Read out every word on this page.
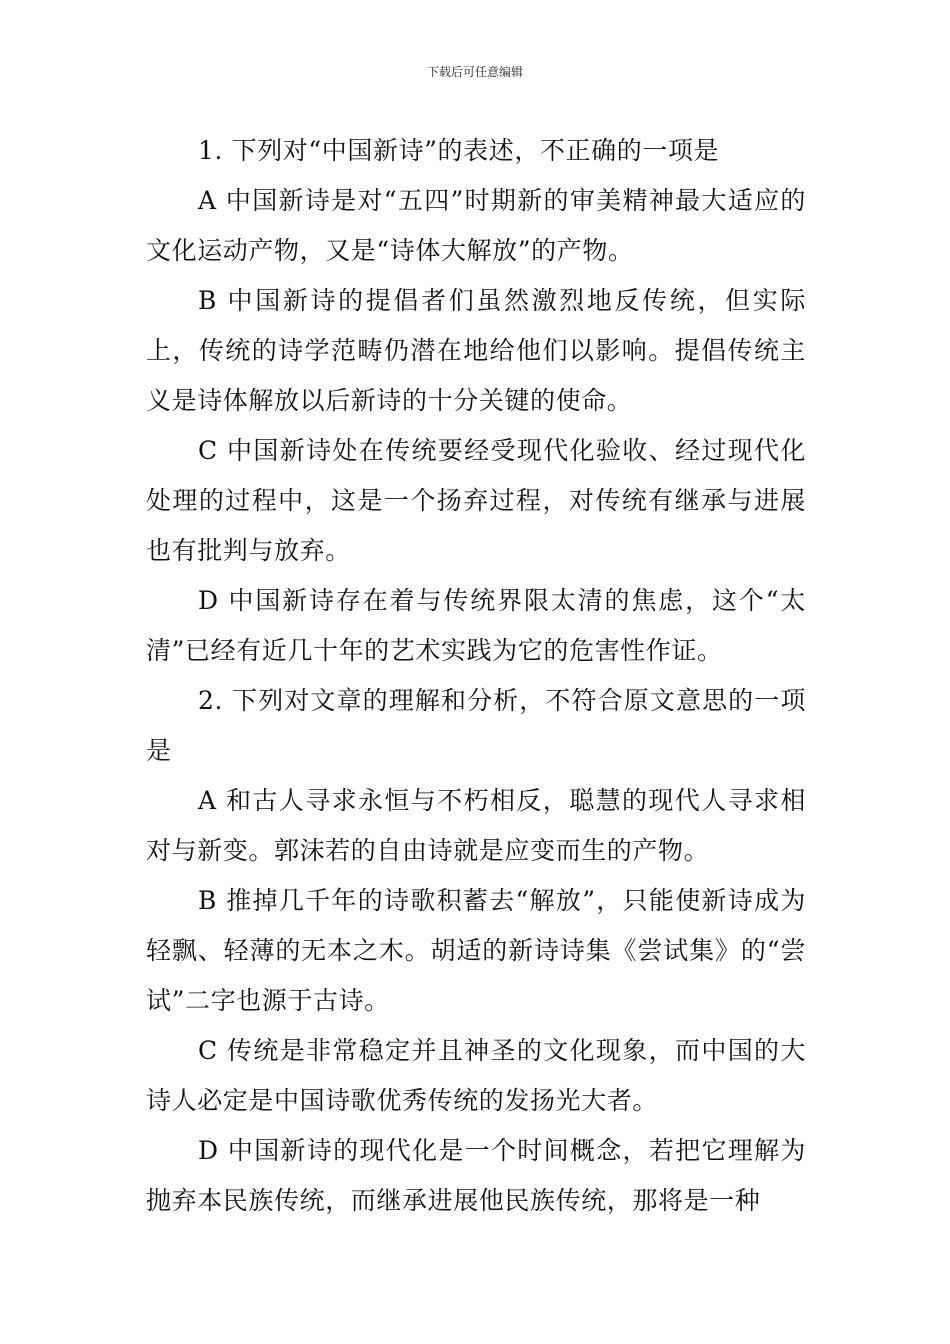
下载后可任意编辑

1. 下列对“中国新诗”的表述，不正确的一项是

A 中国新诗是对“五四”时期新的审美精神最大适应的文化运动产物，又是“诗体大解放”的产物。

B 中国新诗的提倡者们虽然激烈地反传统，但实际上，传统的诗学范畴仍潜在地给他们以影响。提倡传统主义是诗体解放以后新诗的十分关键的使命。

C 中国新诗处在传统要经受现代化验收、经过现代化处理的过程中，这是一个扬弃过程，对传统有继承与进展也有批判与放弃。

D 中国新诗存在着与传统界限太清的焦虑，这个“太清”已经有近几十年的艺术实践为它的危害性作证。

2. 下列对文章的理解和分析，不符合原文意思的一项是

A 和古人寻求永恒与不朽相反，聪慧的现代人寻求相对与新变。郭沫若的自由诗就是应变而生的产物。

B 推掉几千年的诗歌积蓄去“解放”，只能使新诗成为轻飘、轻薄的无本之木。胡适的新诗诗集《尝试集》的“尝试”二字也源于古诗。

C 传统是非常稳定并且神圣的文化现象，而中国的大诗人必定是中国诗歌优秀传统的发扬光大者。

D 中国新诗的现代化是一个时间概念，若把它理解为抛弃本民族传统，而继承进展他民族传统，那将是一种
